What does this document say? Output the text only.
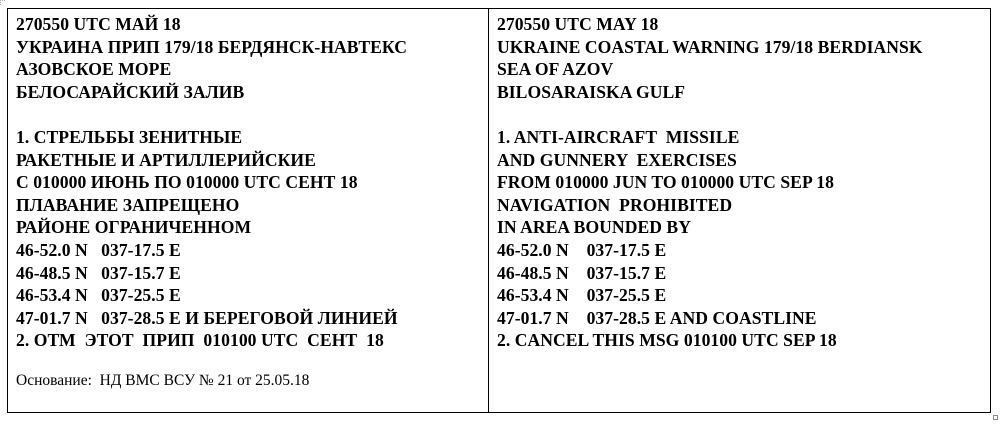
270550 UTC МАЙ 18
УКРАИНА ПРИП 179/18 БЕРДЯНСК-НАВТЕКС
АЗОВСКОЕ МОРЕ
БЕЛОСАРАЙСКИЙ ЗАЛИВ
1. СТРЕЛЬБЫ ЗЕНИТНЫЕ
РАКЕТНЫЕ И АРТИЛЛЕРИЙСКИЕ
С 010000 ИЮНЬ ПО 010000 UTC СЕНТ 18
ПЛАВАНИЕ ЗАПРЕЩЕНО
РАЙОНЕ ОГРАНИЧЕННОМ
46-52.0 N   037-17.5 E
46-48.5 N   037-15.7 E
46-53.4 N   037-25.5 E
47-01.7 N   037-28.5 E И БЕРЕГОВОЙ ЛИНИЕЙ
2. ОТМ  ЭТОТ  ПРИП  010100 UTC  СЕНТ  18
Основание:  НД ВМС ВСУ № 21 от 25.05.18
270550 UTC MAY 18
UKRAINE COASTAL WARNING 179/18 BERDIANSK
SEA OF AZOV
BILOSARAISKA GULF
1. ANTI-AIRCRAFT  MISSILE
AND GUNNERY  EXERCISES
FROM 010000 JUN TO 010000 UTC SEP 18
NAVIGATION  PROHIBITED
IN AREA BOUNDED BY
46-52.0 N    037-17.5 E
46-48.5 N    037-15.7 E
46-53.4 N    037-25.5 E
47-01.7 N    037-28.5 E AND COASTLINE
2. CANCEL THIS MSG 010100 UTC SEP 18
